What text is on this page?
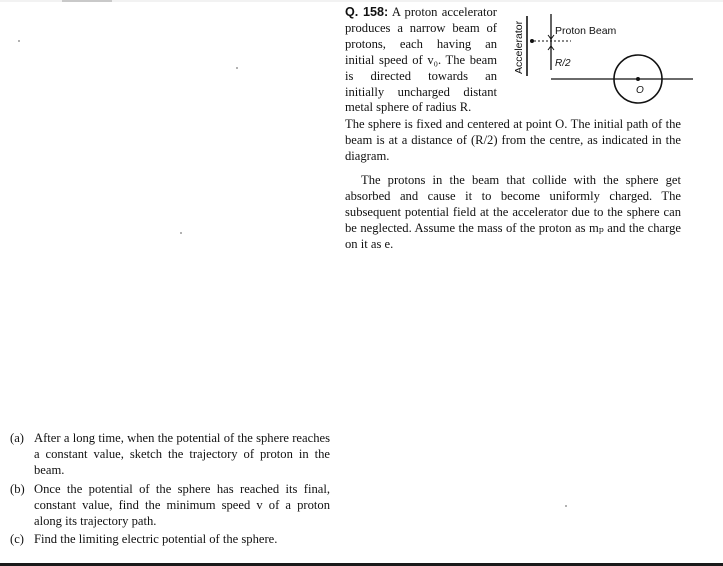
Q. 158: A proton accelerator produces a narrow beam of protons, each having an initial speed of v₀. The beam is directed towards an initially uncharged distant metal sphere of radius R.
Accelerator	Proton Beam
R/2
O
The sphere is fixed and centered at point O. The initial path of the beam is at a distance of (R/2) from the centre, as indicated in the diagram.
The protons in the beam that collide with the sphere get absorbed and cause it to become uniformly charged. The subsequent potential field at the accelerator due to the sphere can be neglected. Assume the mass of the proton as mₚ and the charge on it as e.
(a) After a long time, when the potential of the sphere reaches a constant value, sketch the trajectory of proton in the beam.
(b) Once the potential of the sphere has reached its final, constant value, find the minimum speed v of a proton along its trajectory path.
(c) Find the limiting electric potential of the sphere.
